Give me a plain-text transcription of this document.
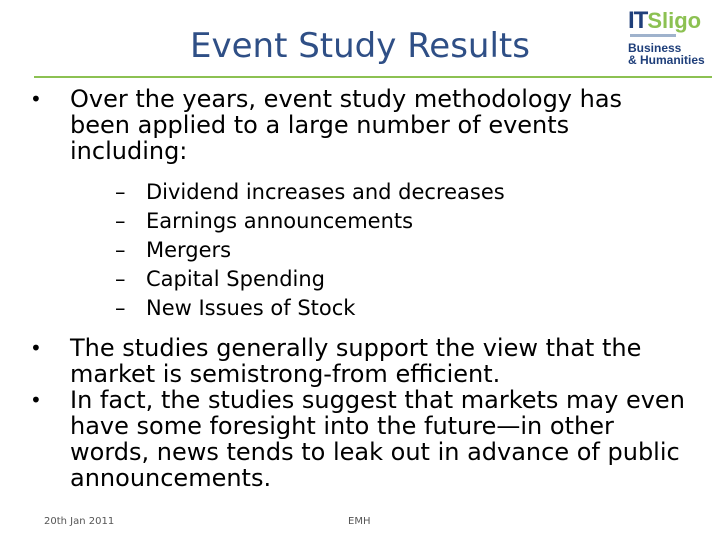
Event Study Results
ITSligo
Business
& Humanities
• Over the years, event study methodology has been applied to a large number of events including:
– Dividend increases and decreases
– Earnings announcements
– Mergers
– Capital Spending
– New Issues of Stock
• The studies generally support the view that the market is semistrong-from efficient.
• In fact, the studies suggest that markets may even have some foresight into the future—in other words, news tends to leak out in advance of public announcements.
20th Jan 2011	EMH
